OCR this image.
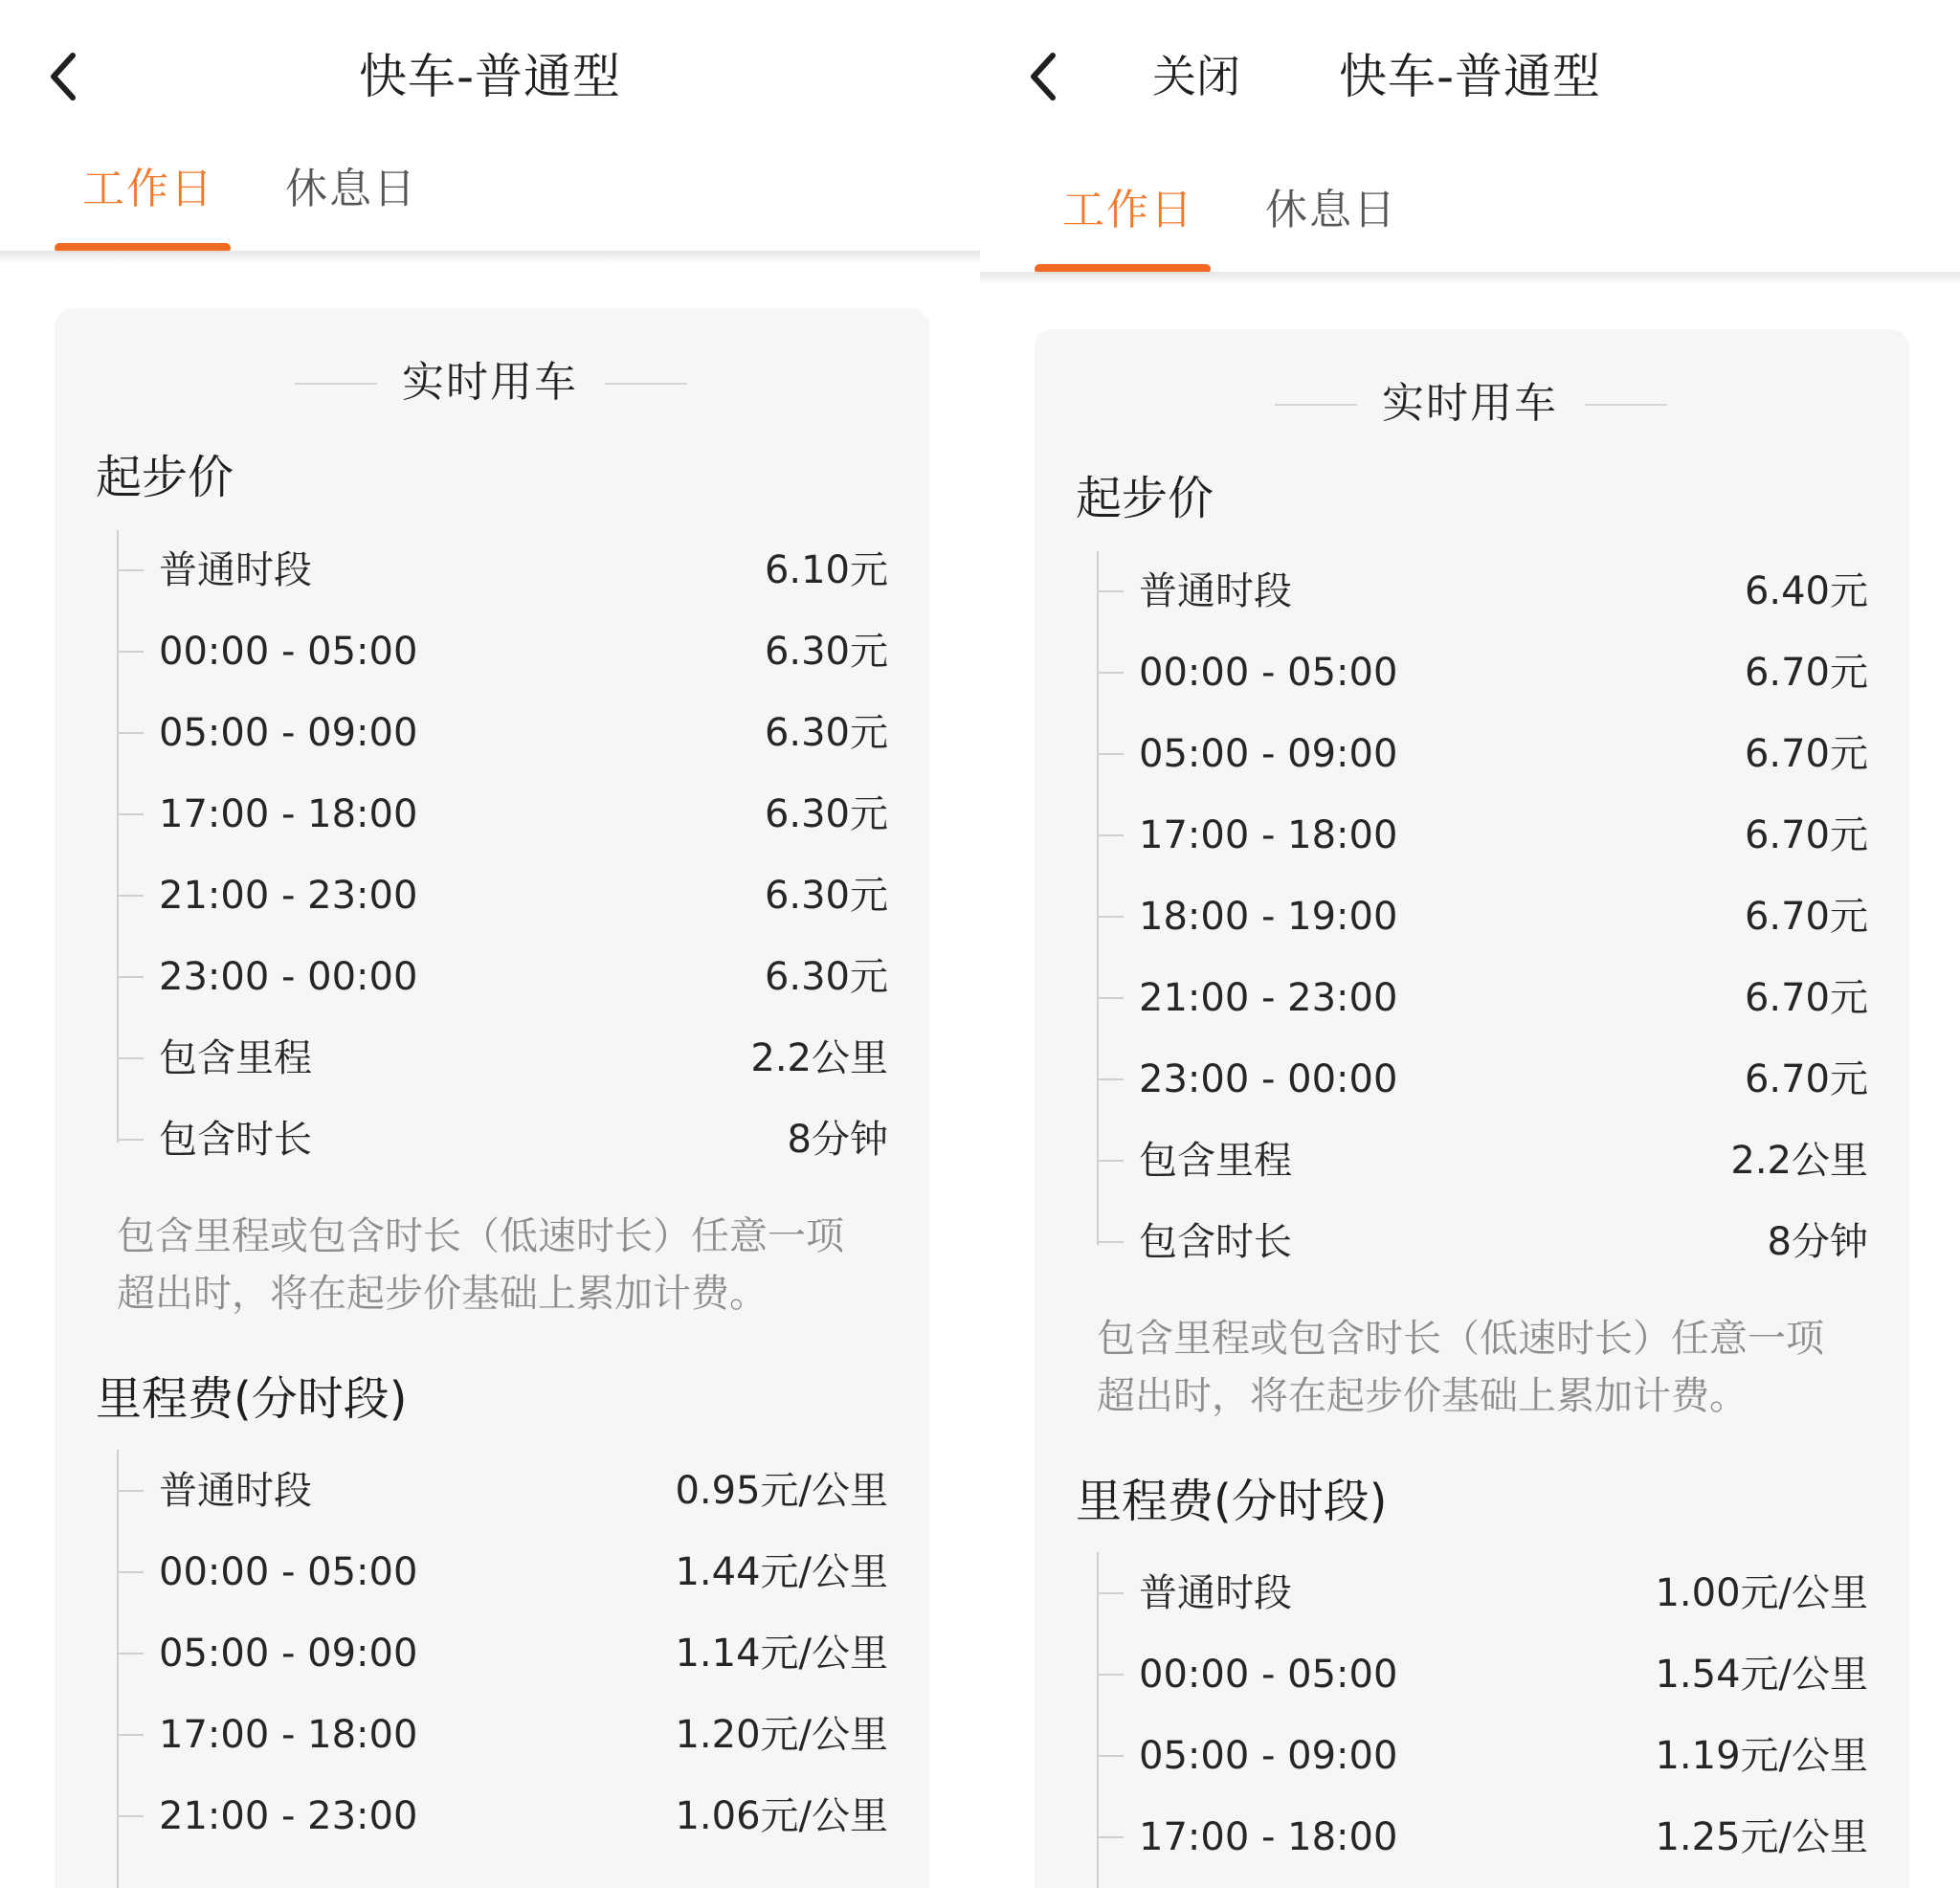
快车-普通型
工作日 休息日
实时用车
起步价
普通时段	6.10元
00:00 - 05:00	6.30元
05:00 - 09:00	6.30元
17:00 - 18:00	6.30元
21:00 - 23:00	6.30元
23:00 - 00:00	6.30元
包含里程	2.2公里
包含时长	8分钟
包含里程或包含时长（低速时长）任意一项
超出时，将在起步价基础上累加计费。
里程费(分时段)
普通时段	0.95元/公里
00:00 - 05:00	1.44元/公里
05:00 - 09:00	1.14元/公里
17:00 - 18:00	1.20元/公里
21:00 - 23:00	1.06元/公里
关闭 快车-普通型
工作日 休息日
实时用车
起步价
普通时段	6.40元
00:00 - 05:00	6.70元
05:00 - 09:00	6.70元
17:00 - 18:00	6.70元
18:00 - 19:00	6.70元
21:00 - 23:00	6.70元
23:00 - 00:00	6.70元
包含里程	2.2公里
包含时长	8分钟
包含里程或包含时长（低速时长）任意一项
超出时，将在起步价基础上累加计费。
里程费(分时段)
普通时段	1.00元/公里
00:00 - 05:00	1.54元/公里
05:00 - 09:00	1.19元/公里
17:00 - 18:00	1.25元/公里
